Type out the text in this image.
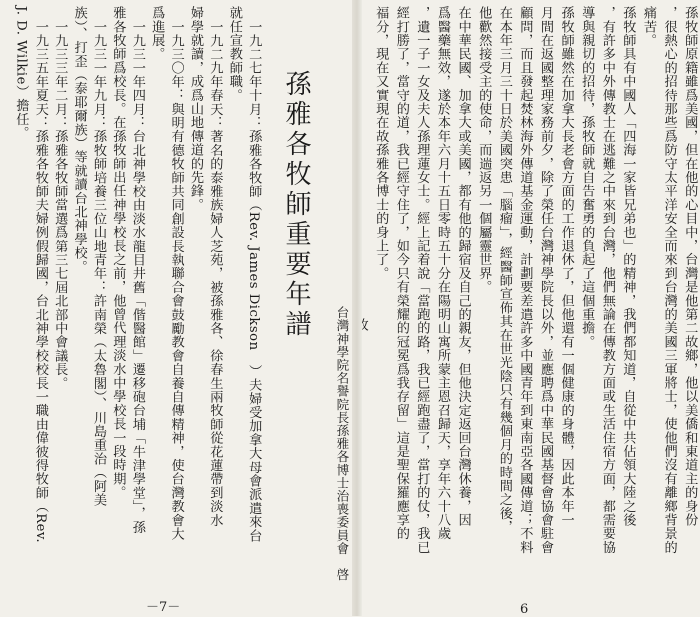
孫牧師原籍雖爲美國，但在他的心目中，台灣是他第二故鄉，他以美僑和東道主的身份
，很熱心的招待那些爲防守太平洋安全而來到台灣的美國三軍將士，使他們沒有離鄉背景的
痛苦。
孫牧師具有中國人「四海一家皆兄弟也」的精神，我們都知道，自從中共佔領大陸之後
，有許多中外傳教士在逃難之中來到台灣，他們無論在傳教方面或生活住宿方面，都需要協
導與親切的招待，孫牧師就自告奮勇的負起了這個重擔。
孫牧師雖然在加拿大長老會方面的工作退休了，但他還有一個健康的身體，因此本年一
月間在返國整理家務前夕，除了榮任台灣神學院長以外，並應聘爲中華民國基督會協會駐會
顧問，而且發起焚林海外傳道基金運動，計劃要差遣許多中國青年到東南亞各國傳道；不料
在本年三月三十日於美國突患「腦瘤」，經醫師宣佈其在世光陰只有幾個月的時間之後，
他歡然接受主的使命，而遄返另一個屬靈世界。
在中華民國、加拿大或美國，都有他的歸宿及自己的親友，但他決定返回台灣休養，因
爲醫藥無效，遂於本年六月十五日零時五十分在陽明山寓所蒙主恩召歸天，享年六十八歲
，遺一子一女及夫人孫理蓮女士。經上記着說「當跑的路，我已經跑盡了，當打的仗，我已
經打勝了，當守的道，我已經守住了，如今只有榮耀的冠冕爲我存留」這是聖保羅應享的
福分，現在又實現在故孫雅各博士的身上了。
台灣神學院名譽院長孫雅各博士治喪委員會　啓
6
孫雅各牧師重要年譜
一九二七年十月：孫雅各牧師（Rev. James Dickson　）夫婦受加拿大母會派遣來台
就任宣教師職。
一九二九年春天：著名的泰雅族婦人芝苑，被孫雅各、徐春生兩牧師從花蓮帶到淡水
婦學就讀，成爲山地傳道的先鋒。
一九三〇年：與明有德牧師共同創設長執聯合會鼓勵教會自養自傳精神，使台灣教會大
爲進展。
一九三一年四月：台北神學校由淡水龍目井舊「偕醫館」遷移砲台埔「牛津學堂」，孫
雅各牧師爲校長。在孫牧師出任神學校長之前，他曾代理淡水中學校長一段時期。
一九三一年九月：孫牧師培養三位山地青年：許南榮（太魯閣）、川島重治（阿美
族）、打歪（泰耶爾族）等就讀台北神學校。
一九三三年二月：孫雅各牧師當選爲第三七屆北部中會議長。
一九三五年夏天：孫雅各牧師夫婦例假歸國，台北神學校校長一職由偉彼得牧師（Rev.
J. D. Wilkie）擔任。
－7－
